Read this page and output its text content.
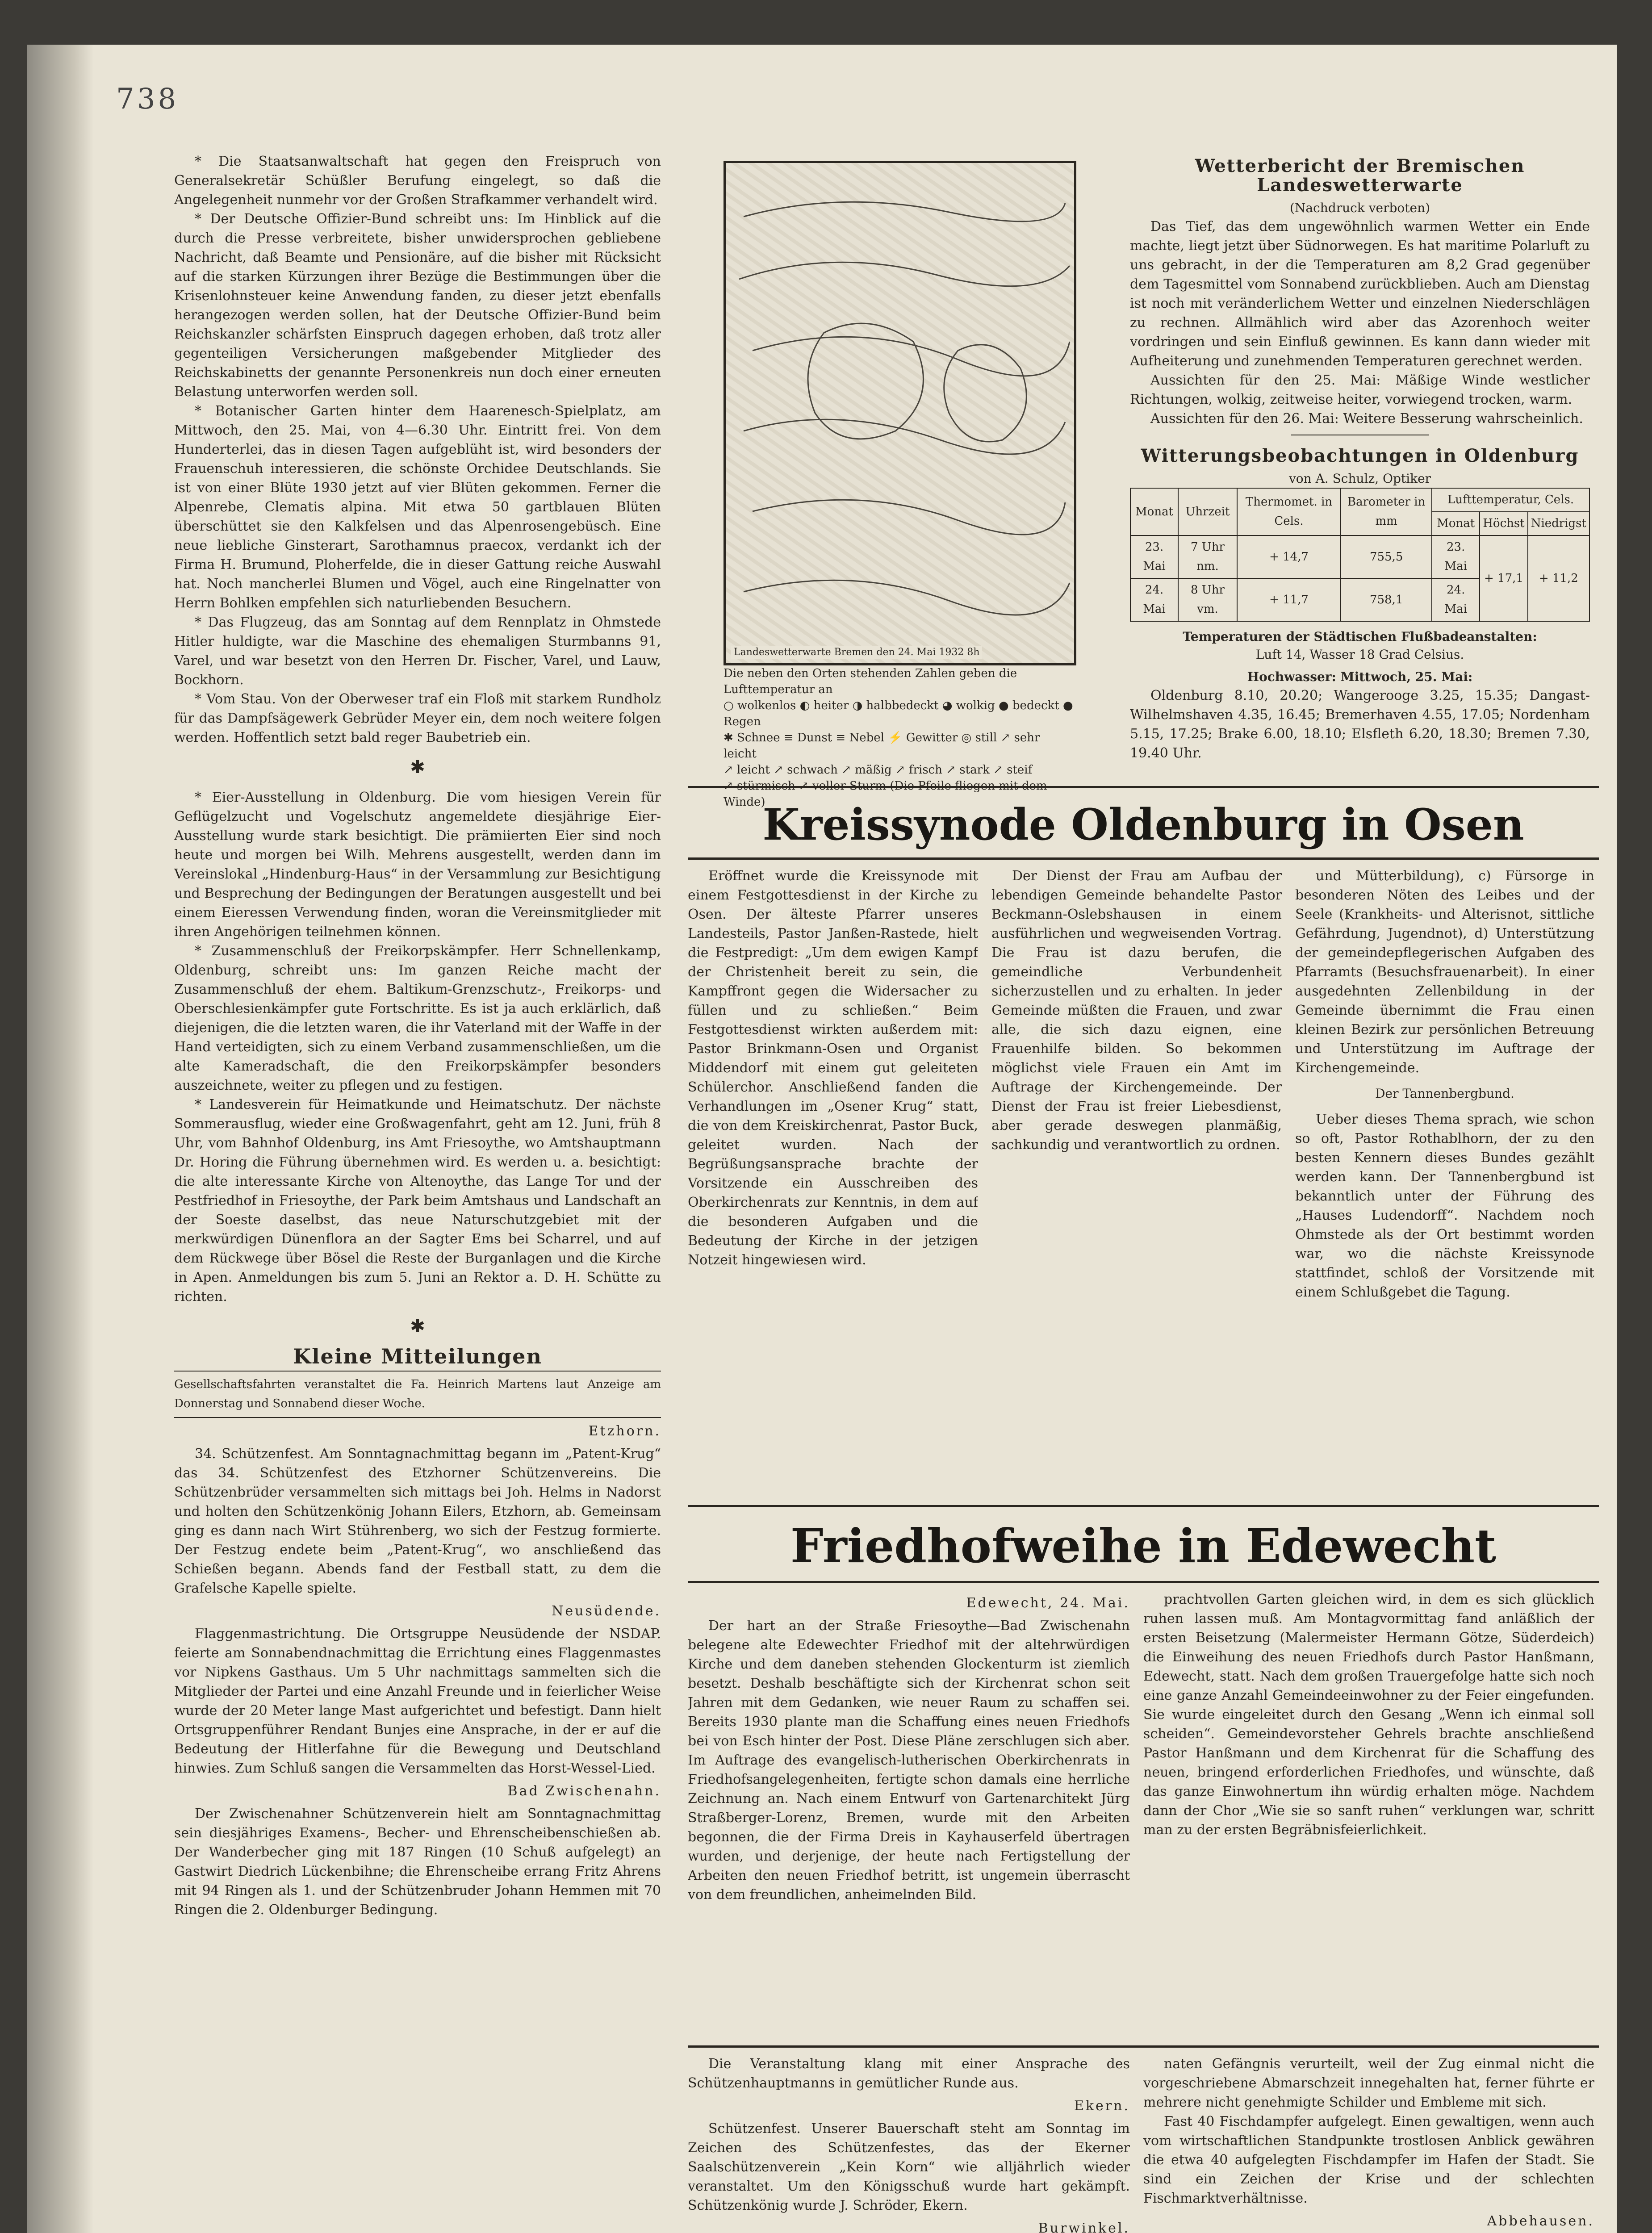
738

* Die Staatsanwaltschaft hat gegen den Freispruch von Generalsekretär Schüßler Berufung eingelegt, so daß die Angelegenheit nunmehr vor der Großen Strafkammer verhandelt wird.

* Der Deutsche Offizier-Bund schreibt uns: Im Hinblick auf die durch die Presse verbreitete, bisher unwidersprochen gebliebene Nachricht, daß Beamte und Pensionäre, auf die bisher mit Rücksicht auf die starken Kürzungen ihrer Bezüge die Bestimmungen über die Krisenlohnsteuer keine Anwendung fanden, zu dieser jetzt ebenfalls herangezogen werden sollen, hat der Deutsche Offizier-Bund beim Reichskanzler schärfsten Einspruch dagegen erhoben, daß trotz aller gegenteiligen Versicherungen maßgebender Mitglieder des Reichskabinetts der genannte Personenkreis nun doch einer erneuten Belastung unterworfen werden soll.

* Botanischer Garten hinter dem Haarenesch-Spielplatz, am Mittwoch, den 25. Mai, von 4—6.30 Uhr. Eintritt frei. Von dem Hunderterlei, das in diesen Tagen aufgeblüht ist, wird besonders der Frauenschuh interessieren, die schönste Orchidee Deutschlands. Sie ist von einer Blüte 1930 jetzt auf vier Blüten gekommen. Ferner die Alpenrebe, Clematis alpina. Mit etwa 50 gartblauen Blüten überschüttet sie den Kalkfelsen und das Alpenrosengebüsch. Eine neue liebliche Ginsterart, Sarothamnus praecox, verdankt ich der Firma H. Brumund, Ploherfelde, die in dieser Gattung reiche Auswahl hat. Noch mancherlei Blumen und Vögel, auch eine Ringelnatter von Herrn Bohlken empfehlen sich naturliebenden Besuchern.

* Das Flugzeug, das am Sonntag auf dem Rennplatz in Ohmstede Hitler huldigte, war die Maschine des ehemaligen Sturmbanns 91, Varel, und war besetzt von den Herren Dr. Fischer, Varel, und Lauw, Bockhorn.

* Vom Stau. Von der Oberweser traf ein Floß mit starkem Rundholz für das Dampfsägewerk Gebrüder Meyer ein, dem noch weitere folgen werden. Hoffentlich setzt bald reger Baubetrieb ein.

✱

* Eier-Ausstellung in Oldenburg. Die vom hiesigen Verein für Geflügelzucht und Vogelschutz angemeldete diesjährige Eier-Ausstellung wurde stark besichtigt. Die prämiierten Eier sind noch heute und morgen bei Wilh. Mehrens ausgestellt, werden dann im Vereinslokal „Hindenburg-Haus“ in der Versammlung zur Besichtigung und Besprechung der Bedingungen der Beratungen ausgestellt und bei einem Eieressen Verwendung finden, woran die Vereinsmitglieder mit ihren Angehörigen teilnehmen können.

* Zusammenschluß der Freikorpskämpfer. Herr Schnellenkamp, Oldenburg, schreibt uns: Im ganzen Reiche macht der Zusammenschluß der ehem. Baltikum-Grenzschutz-, Freikorps- und Oberschlesienkämpfer gute Fortschritte. Es ist ja auch erklärlich, daß diejenigen, die die letzten waren, die ihr Vaterland mit der Waffe in der Hand verteidigten, sich zu einem Verband zusammenschließen, um die alte Kameradschaft, die den Freikorpskämpfer besonders auszeichnete, weiter zu pflegen und zu festigen.

* Landesverein für Heimatkunde und Heimatschutz. Der nächste Sommerausflug, wieder eine Großwagenfahrt, geht am 12. Juni, früh 8 Uhr, vom Bahnhof Oldenburg, ins Amt Friesoythe, wo Amtshauptmann Dr. Horing die Führung übernehmen wird. Es werden u. a. besichtigt: die alte interessante Kirche von Altenoythe, das Lange Tor und der Pestfriedhof in Friesoythe, der Park beim Amtshaus und Landschaft an der Soeste daselbst, das neue Naturschutzgebiet mit der merkwürdigen Dünenflora an der Sagter Ems bei Scharrel, und auf dem Rückwege über Bösel die Reste der Burganlagen und die Kirche in Apen. Anmeldungen bis zum 5. Juni an Rektor a. D. H. Schütte zu richten.

✱
Kleine Mitteilungen

Gesellschaftsfahrten veranstaltet die Fa. Heinrich Martens laut Anzeige am Donnerstag und Sonnabend dieser Woche.

Etzhorn.

34. Schützenfest. Am Sonntagnachmittag begann im „Patent-Krug“ das 34. Schützenfest des Etzhorner Schützenvereins. Die Schützenbrüder versammelten sich mittags bei Joh. Helms in Nadorst und holten den Schützenkönig Johann Eilers, Etzhorn, ab. Gemeinsam ging es dann nach Wirt Stührenberg, wo sich der Festzug formierte. Der Festzug endete beim „Patent-Krug“, wo anschließend das Schießen begann. Abends fand der Festball statt, zu dem die Grafelsche Kapelle spielte.

Neusüdende.

Flaggenmastrichtung. Die Ortsgruppe Neusüdende der NSDAP. feierte am Sonnabendnachmittag die Errichtung eines Flaggenmastes vor Nipkens Gasthaus. Um 5 Uhr nachmittags sammelten sich die Mitglieder der Partei und eine Anzahl Freunde und in feierlicher Weise wurde der 20 Meter lange Mast aufgerichtet und befestigt. Dann hielt Ortsgruppenführer Rendant Bunjes eine Ansprache, in der er auf die Bedeutung der Hitlerfahne für die Bewegung und Deutschland hinwies. Zum Schluß sangen die Versammelten das Horst-Wessel-Lied.

Bad Zwischenahn.

Der Zwischenahner Schützenverein hielt am Sonntagnachmittag sein diesjähriges Examens-, Becher- und Ehrenscheibenschießen ab. Der Wanderbecher ging mit 187 Ringen (10 Schuß aufgelegt) an Gastwirt Diedrich Lückenbihne; die Ehrenscheibe errang Fritz Ahrens mit 94 Ringen als 1. und der Schützenbruder Johann Hemmen mit 70 Ringen die 2. Oldenburger Bedingung.

Landeswetterwarte Bremen den 24. Mai 1932 8h
Die neben den Orten stehenden Zahlen geben die Lufttemperatur an
○ wolkenlos ◐ heiter ◑ halbbedeckt ◕ wolkig ● bedeckt ● Regen
✱ Schnee ≡ Dunst ≡ Nebel ⚡ Gewitter ◎ still ↗ sehr leicht
↗ leicht ↗ schwach ↗ mäßig ↗ frisch ↗ stark ↗ steif
Winde)
Wetterbericht der Bremischen Landeswetterwarte
(Nachdruck verboten)

Das Tief, das dem ungewöhnlich warmen Wetter ein Ende machte, liegt jetzt über Südnorwegen. Es hat maritime Polarluft zu uns gebracht, in der die Temperaturen am 8,2 Grad gegenüber dem Tagesmittel vom Sonnabend zurückblieben. Auch am Dienstag ist noch mit veränderlichem Wetter und einzelnen Niederschlägen zu rechnen. Allmählich wird aber das Azorenhoch weiter vordringen und sein Einfluß gewinnen. Es kann dann wieder mit Aufheiterung und zunehmenden Temperaturen gerechnet werden.

Aussichten für den 25. Mai: Mäßige Winde westlicher Richtungen, wolkig, zeitweise heiter, vorwiegend trocken, warm.

Aussichten für den 26. Mai: Weitere Besserung wahrscheinlich.

Witterungsbeobachtungen in Oldenburg
von A. Schulz, Optiker
Monat	Uhrzeit	Thermomet. in Cels.	Barometer in mm	Lufttemperatur, Cels.		
				Monat	Höchst	Niedrigst
23. Mai	7 Uhr nm.	+ 14,7	755,5	23. Mai	+ 17,1	+ 11,2
24. Mai	8 Uhr vm.	+ 11,7	758,1	24. Mai		
Temperaturen der Städtischen Flußbadeanstalten:
Luft 14, Wasser 18 Grad Celsius.
Hochwasser: Mittwoch, 25. Mai:

Oldenburg 8.10, 20.20; Wangerooge 3.25, 15.35; Dangast-Wilhelmshaven 4.35, 16.45; Bremerhaven 4.55, 17.05; Nordenham 5.15, 17.25; Brake 6.00, 18.10; Elsfleth 6.20, 18.30; Bremen 7.30, 19.40 Uhr.

Kreissynode Oldenburg in Osen

Eröffnet wurde die Kreissynode mit einem Festgottesdienst in der Kirche zu Osen. Der älteste Pfarrer unseres Landesteils, Pastor Janßen-Rastede, hielt die Festpredigt: „Um dem ewigen Kampf der Christenheit bereit zu sein, die Kampffront gegen die Widersacher zu füllen und zu schließen.“ Beim Festgottesdienst wirkten außerdem mit: Pastor Brinkmann-Osen und Organist Middendorf mit einem gut geleiteten Schülerchor. Anschließend fanden die Verhandlungen im „Osener Krug“ statt, die von dem Kreiskirchenrat, Pastor Buck, geleitet wurden. Nach der Begrüßungsansprache brachte der Vorsitzende ein Ausschreiben des Oberkirchenrats zur Kenntnis, in dem auf die besonderen Aufgaben und die Bedeutung der Kirche in der jetzigen Notzeit hingewiesen wird.

Der Dienst der Frau am Aufbau der lebendigen Gemeinde behandelte Pastor Beckmann-Oslebshausen in einem ausführlichen und wegweisenden Vortrag. Die Frau ist dazu berufen, die gemeindliche Verbundenheit sicherzustellen und zu erhalten. In jeder Gemeinde müßten die Frauen, und zwar alle, die sich dazu eignen, eine Frauenhilfe bilden. So bekommen möglichst viele Frauen ein Amt im Auftrage der Kirchengemeinde. Der Dienst der Frau ist freier Liebesdienst, aber gerade deswegen planmäßig, sachkundig und verantwortlich zu ordnen.

und Mütterbildung), c) Fürsorge in besonderen Nöten des Leibes und der Seele (Krankheits- und Alterisnot, sittliche Gefährdung, Jugendnot), d) Unterstützung der gemeindepflegerischen Aufgaben des Pfarramts (Besuchsfrauenarbeit). In einer ausgedehnten Zellenbildung in der Gemeinde übernimmt die Frau einen kleinen Bezirk zur persönlichen Betreuung und Unterstützung im Auftrage der Kirchengemeinde.

Der Tannenbergbund.

Ueber dieses Thema sprach, wie schon so oft, Pastor Rothablhorn, der zu den besten Kennern dieses Bundes gezählt werden kann. Der Tannenbergbund ist bekanntlich unter der Führung des „Hauses Ludendorff“. Nachdem noch Ohmstede als der Ort bestimmt worden war, wo die nächste Kreissynode stattfindet, schloß der Vorsitzende mit einem Schlußgebet die Tagung.

Friedhofweihe in Edewecht
Edewecht, 24. Mai.

Der hart an der Straße Friesoythe—Bad Zwischenahn belegene alte Edewechter Friedhof mit der altehrwürdigen Kirche und dem daneben stehenden Glockenturm ist ziemlich besetzt. Deshalb beschäftigte sich der Kirchenrat schon seit Jahren mit dem Gedanken, wie neuer Raum zu schaffen sei. Bereits 1930 plante man die Schaffung eines neuen Friedhofs bei von Esch hinter der Post. Diese Pläne zerschlugen sich aber. Im Auftrage des evangelisch-lutherischen Oberkirchenrats in Friedhofsangelegenheiten, fertigte schon damals eine herrliche Zeichnung an. Nach einem Entwurf von Gartenarchitekt Jürg Straßberger-Lorenz, Bremen, wurde mit den Arbeiten begonnen, die der Firma Dreis in Kayhauserfeld übertragen wurden, und derjenige, der heute nach Fertigstellung der Arbeiten den neuen Friedhof betritt, ist ungemein überrascht von dem freundlichen, anheimelnden Bild.

prachtvollen Garten gleichen wird, in dem es sich glücklich ruhen lassen muß. Am Montagvormittag fand anläßlich der ersten Beisetzung (Malermeister Hermann Götze, Süderdeich) die Einweihung des neuen Friedhofs durch Pastor Hanßmann, Edewecht, statt. Nach dem großen Trauergefolge hatte sich noch eine ganze Anzahl Gemeindeeinwohner zu der Feier eingefunden. Sie wurde eingeleitet durch den Gesang „Wenn ich einmal soll scheiden“. Gemeindevorsteher Gehrels brachte anschließend Pastor Hanßmann und dem Kirchenrat für die Schaffung des neuen, bringend erforderlichen Friedhofes, und wünschte, daß das ganze Einwohnertum ihn würdig erhalten möge. Nachdem dann der Chor „Wie sie so sanft ruhen“ verklungen war, schritt man zu der ersten Begräbnisfeierlichkeit.

Die Veranstaltung klang mit einer Ansprache des Schützenhauptmanns in gemütlicher Runde aus.

Ekern.

Schützenfest. Unserer Bauerschaft steht am Sonntag im Zeichen des Schützenfestes, das der Ekerner Saalschützenverein „Kein Korn“ wie alljährlich wieder veranstaltet. Um den Königsschuß wurde hart gekämpft. Schützenkönig wurde J. Schröder, Ekern.

Burwinkel.

naten Gefängnis verurteilt, weil der Zug einmal nicht die vorgeschriebene Abmarschzeit innegehalten hat, ferner führte er mehrere nicht genehmigte Schilder und Embleme mit sich.

Fast 40 Fischdampfer aufgelegt. Einen gewaltigen, wenn auch vom wirtschaftlichen Standpunkte trostlosen Anblick gewähren die etwa 40 aufgelegten Fischdampfer im Hafen der Stadt. Sie sind ein Zeichen der Krise und der schlechten Fischmarktverhältnisse.

Abbehausen.
